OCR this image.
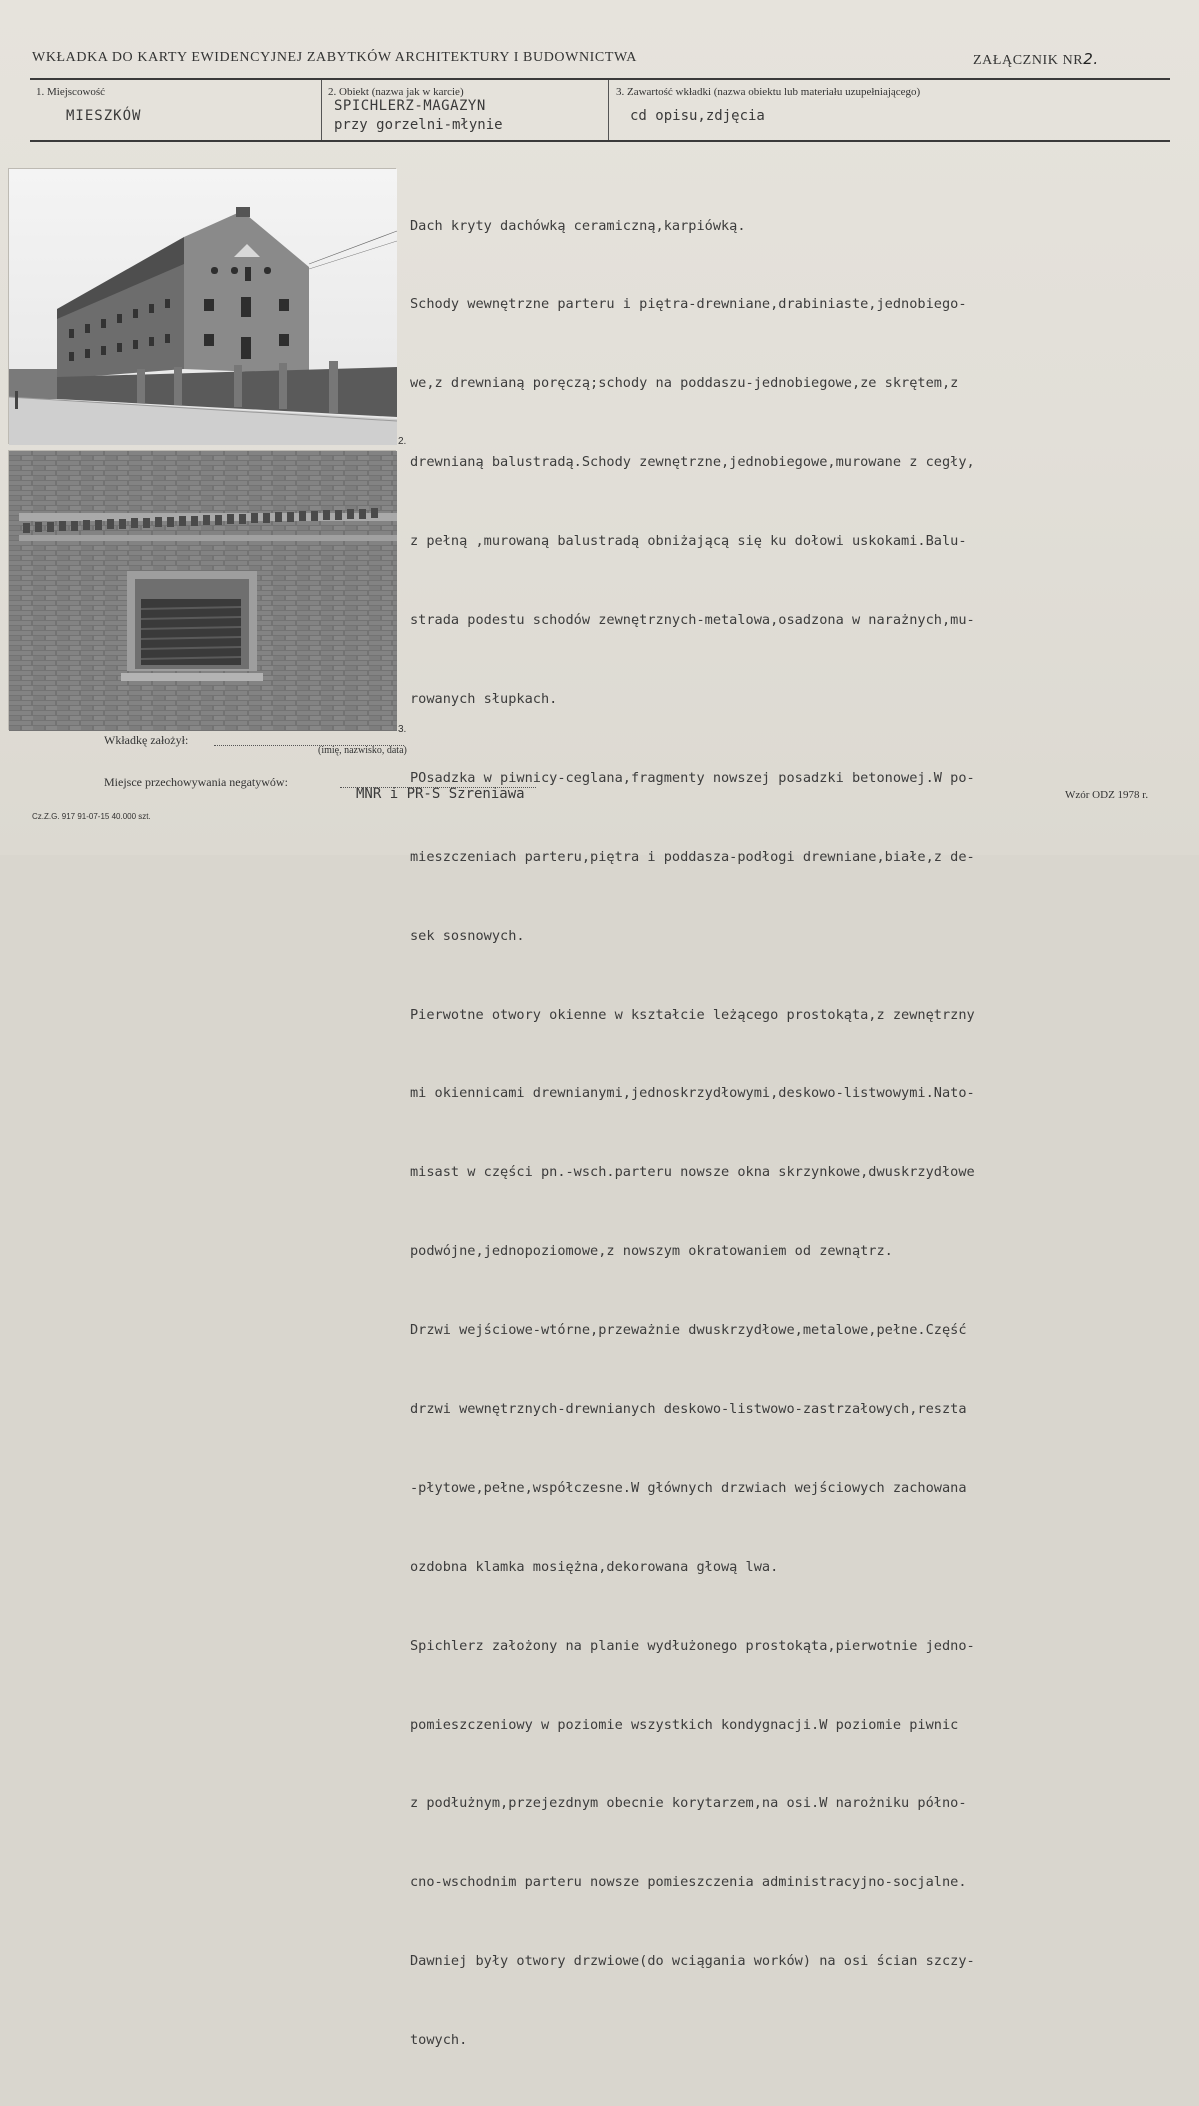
WKŁADKA DO KARTY EWIDENCYJNEJ ZABYTKÓW ARCHITEKTURY I BUDOWNICTWA	ZAŁĄCZNIK NR2.
1. Miejscowość
MIESZKÓW
2. Obiekt (nazwa jak w karcie)
SPICHLERZ-MAGAZYN
przy gorzelni-młynie
3. Zawartość wkładki (nazwa obiektu lub materiału uzupełniającego)
cd opisu,zdjęcia
2.
3.

Dach kryty dachówką ceramiczną,karpiówką.

Schody wewnętrzne parteru i piętra-drewniane,drabiniaste,jednobiego-

we,z drewnianą poręczą;schody na poddaszu-jednobiegowe,ze skrętem,z

drewnianą balustradą.Schody zewnętrzne,jednobiegowe,murowane z cegły,

z pełną ,murowaną balustradą obniżającą się ku dołowi uskokami.Balu-

strada podestu schodów zewnętrznych-metalowa,osadzona w narażnych,mu-

rowanych słupkach.

POsadzka w piwnicy-ceglana,fragmenty nowszej posadzki betonowej.W po-

mieszczeniach parteru,piętra i poddasza-podłogi drewniane,białe,z de-

sek sosnowych.

Pierwotne otwory okienne w kształcie leżącego prostokąta,z zewnętrzny

mi okiennicami drewnianymi,jednoskrzydłowymi,deskowo-listwowymi.Nato-

misast w części pn.-wsch.parteru nowsze okna skrzynkowe,dwuskrzydłowe

podwójne,jednopoziomowe,z nowszym okratowaniem od zewnątrz.

Drzwi wejściowe-wtórne,przeważnie dwuskrzydłowe,metalowe,pełne.Część

drzwi wewnętrznych-drewnianych deskowo-listwowo-zastrzałowych,reszta

-płytowe,pełne,współczesne.W głównych drzwiach wejściowych zachowana

ozdobna klamka mosiężna,dekorowana głową lwa.

Spichlerz założony na planie wydłużonego prostokąta,pierwotnie jedno-

pomieszczeniowy w poziomie wszystkich kondygnacji.W poziomie piwnic

z podłużnym,przejezdnym obecnie korytarzem,na osi.W narożniku półno-

cno-wschodnim parteru nowsze pomieszczenia administracyjno-socjalne.

Dawniej były otwory drzwiowe(do wciągania worków) na osi ścian szczy-

towych.

Wkładkę założył:
(imię, nazwisko, data)
Miejsce przechowywania negatywów:
MNR i PR-S Szreniawa	Wzór ODZ 1978 r.
Cz.Z.G. 917 91-07-15 40.000 szt.
